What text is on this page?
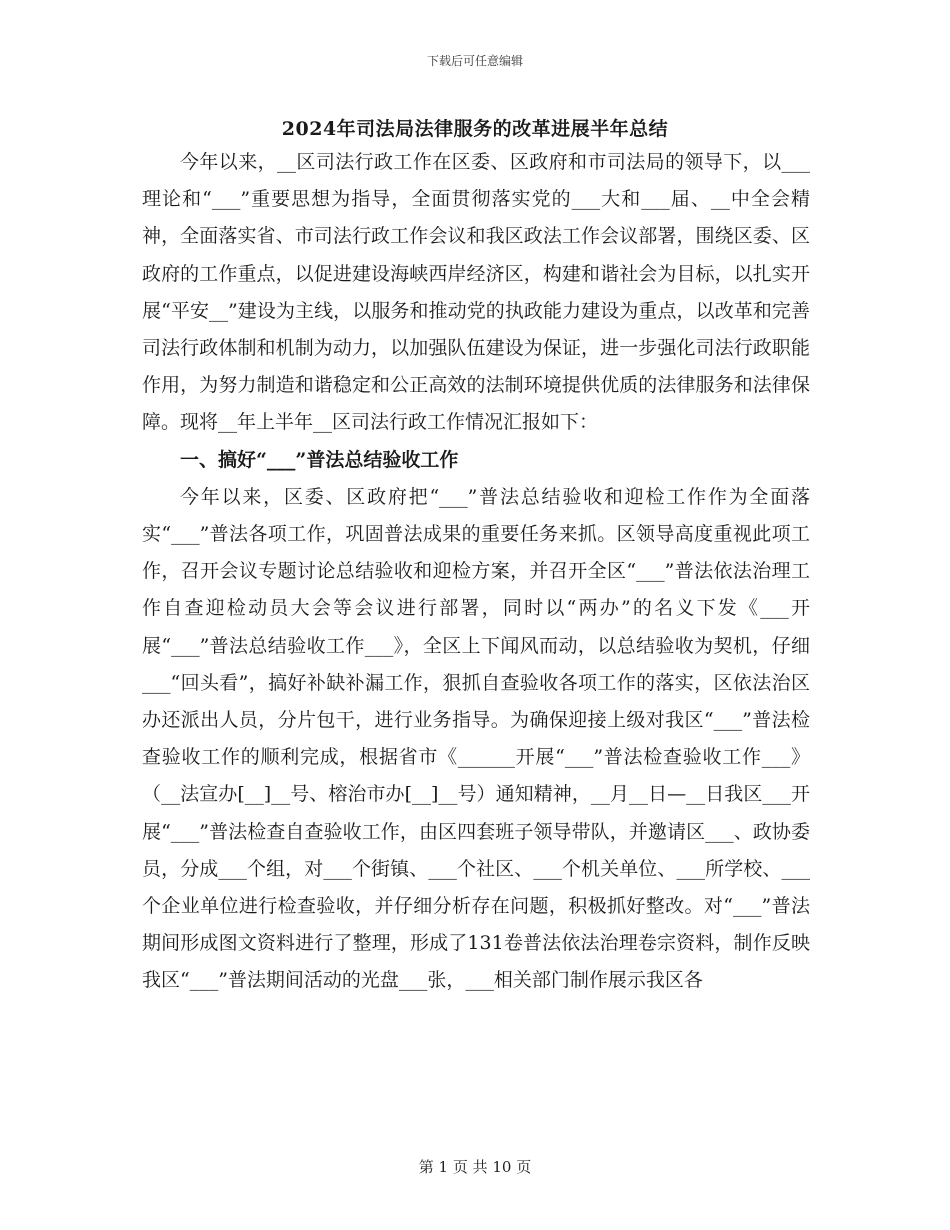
下载后可任意编辑
2024年司法局法律服务的改革进展半年总结

今年以来，__区司法行政工作在区委、区政府和市司法局的领导下，以___理论和“___”重要思想为指导，全面贯彻落实党的___大和___届、__中全会精神，全面落实省、市司法行政工作会议和我区政法工作会议部署，围绕区委、区政府的工作重点，以促进建设海峡西岸经济区，构建和谐社会为目标，以扎实开展“平安__”建设为主线，以服务和推动党的执政能力建设为重点，以改革和完善司法行政体制和机制为动力，以加强队伍建设为保证，进一步强化司法行政职能作用，为努力制造和谐稳定和公正高效的法制环境提供优质的法律服务和法律保障。现将__年上半年__区司法行政工作情况汇报如下：

一、搞好“___”普法总结验收工作

今年以来，区委、区政府把“___”普法总结验收和迎检工作作为全面落实“___”普法各项工作，巩固普法成果的重要任务来抓。区领导高度重视此项工作，召开会议专题讨论总结验收和迎检方案，并召开全区“___”普法依法治理工作自查迎检动员大会等会议进行部署，同时以“两办”的名义下发《___开展“___”普法总结验收工作___》，全区上下闻风而动，以总结验收为契机，仔细___“回头看”，搞好补缺补漏工作，狠抓自查验收各项工作的落实，区依法治区办还派出人员，分片包干，进行业务指导。为确保迎接上级对我区“___”普法检查验收工作的顺利完成，根据省市《______开展“___”普法检查验收工作___》（__法宣办[__]__号、榕治市办[__]__号）通知精神，__月__日—__日我区___开展“___”普法检查自查验收工作，由区四套班子领导带队，并邀请区___、政协委员，分成___个组，对___个街镇、___个社区、___个机关单位、___所学校、___个企业单位进行检查验收，并仔细分析存在问题，积极抓好整改。对“___”普法期间形成图文资料进行了整理，形成了131卷普法依法治理卷宗资料，制作反映我区“___”普法期间活动的光盘___张，___相关部门制作展示我区各

第 1 页 共 10 页
